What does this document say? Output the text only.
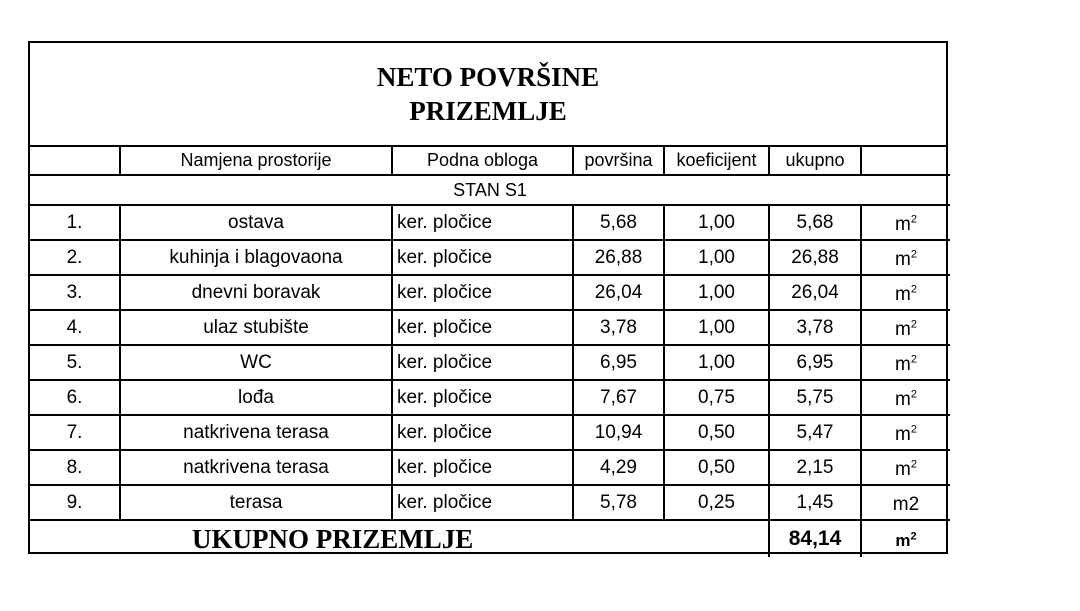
NETO POVRŠINE
PRIZEMLJE
	Namjena prostorije	Podna obloga	površina	koeficijent	ukupno	
STAN S1						
1.	ostava	ker. pločice	5,68	1,00	5,68	$m^2$
2.	kuhinja i blagovaona	ker. pločice	26,88	1,00	26,88	$m^2$
3.	dnevni boravak	ker. pločice	26,04	1,00	26,04	$m^2$
4.	ulaz stubište	ker. pločice	3,78	1,00	3,78	$m^2$
5.	WC	ker. pločice	6,95	1,00	6,95	$m^2$
6.	lođa	ker. pločice	7,67	0,75	5,75	$m^2$
7.	natkrivena terasa	ker. pločice	10,94	0,50	5,47	$m^2$
8.	natkrivena terasa	ker. pločice	4,29	0,50	2,15	$m^2$
9.	terasa	ker. pločice	5,78	0,25	1,45	m2
UKUPNO PRIZEMLJE					84,14	$m^2$
